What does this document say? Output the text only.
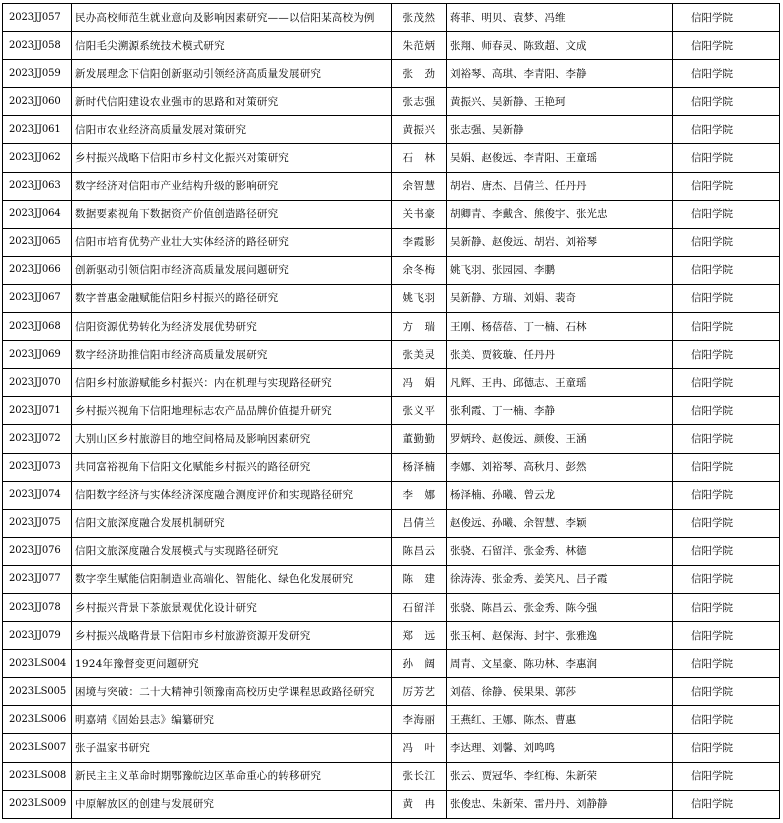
2023JJ057	民办高校师范生就业意向及影响因素研究——以信阳某高校为例	张茂然	蒋菲、明贝、袁梦、冯维	信阳学院
2023JJ058	信阳毛尖溯源系统技术模式研究	朱范炳	张翔、师春灵、陈致超、文成	信阳学院
2023JJ059	新发展理念下信阳创新驱动引领经济高质量发展研究	张　劲	刘裕琴、高琪、李青阳、李静	信阳学院
2023JJ060	新时代信阳建设农业强市的思路和对策研究	张志强	黄振兴、吴新静、王艳珂	信阳学院
2023JJ061	信阳市农业经济高质量发展对策研究	黄振兴	张志强、吴新静	信阳学院
2023JJ062	乡村振兴战略下信阳市乡村文化振兴对策研究	石　林	吴娟、赵俊远、李青阳、王童瑶	信阳学院
2023JJ063	数字经济对信阳市产业结构升级的影响研究	余智慧	胡岩、唐杰、吕倩兰、任丹丹	信阳学院
2023JJ064	数据要素视角下数据资产价值创造路径研究	关书豪	胡卿青、李戴含、熊俊宇、张光忠	信阳学院
2023JJ065	信阳市培育优势产业壮大实体经济的路径研究	李霞影	吴新静、赵俊远、胡岩、刘裕琴	信阳学院
2023JJ066	创新驱动引领信阳市经济高质量发展问题研究	余冬梅	姚飞羽、张园园、李鹏	信阳学院
2023JJ067	数字普惠金融赋能信阳乡村振兴的路径研究	姚飞羽	吴新静、方瑞、刘娟、裴奇	信阳学院
2023JJ068	信阳资源优势转化为经济发展优势研究	方　瑞	王刚、杨蓓蓓、丁一楠、石林	信阳学院
2023JJ069	数字经济助推信阳市经济高质量发展研究	张美灵	张美、贾筱璇、任丹丹	信阳学院
2023JJ070	信阳乡村旅游赋能乡村振兴：内在机理与实现路径研究	冯　娟	凡辉、王冉、邱德志、王童瑶	信阳学院
2023JJ071	乡村振兴视角下信阳地理标志农产品品牌价值提升研究	张义平	张利霞、丁一楠、李静	信阳学院
2023JJ072	大别山区乡村旅游目的地空间格局及影响因素研究	董勤勤	罗炳玲、赵俊远、颜俊、王涵	信阳学院
2023JJ073	共同富裕视角下信阳文化赋能乡村振兴的路径研究	杨泽楠	李娜、刘裕琴、高秋月、彭然	信阳学院
2023JJ074	信阳数字经济与实体经济深度融合测度评价和实现路径研究	李　娜	杨泽楠、孙曦、曾云龙	信阳学院
2023JJ075	信阳文旅深度融合发展机制研究	吕倩兰	赵俊远、孙曦、余智慧、李颖	信阳学院
2023JJ076	信阳文旅深度融合发展模式与实现路径研究	陈昌云	张骁、石留洋、张金秀、林德	信阳学院
2023JJ077	数字孪生赋能信阳制造业高端化、智能化、绿色化发展研究	陈　建	徐涛涛、张金秀、姜笑凡、吕子霞	信阳学院
2023JJ078	乡村振兴背景下茶旅景观优化设计研究	石留洋	张骁、陈昌云、张金秀、陈今强	信阳学院
2023JJ079	乡村振兴战略背景下信阳市乡村旅游资源开发研究	郑　远	张玉柯、赵保海、封宇、张雅逸	信阳学院
2023LS004	1924年豫督变更问题研究	孙　阔	周青、文星豪、陈功林、李惠润	信阳学院
2023LS005	困境与突破：二十大精神引领豫南高校历史学课程思政路径研究	厉芳艺	刘蓓、徐静、侯果果、郭莎	信阳学院
2023LS006	明嘉靖《固始县志》编纂研究	李海丽	王燕红、王娜、陈杰、曹惠	信阳学院
2023LS007	张子温家书研究	冯　叶	李达理、刘馨、刘鸣鸣	信阳学院
2023LS008	新民主主义革命时期鄂豫皖边区革命重心的转移研究	张长江	张云、贾冠华、李红梅、朱新荣	信阳学院
2023LS009	中原解放区的创建与发展研究	黄　冉	张俊忠、朱新荣、雷丹丹、刘静静	信阳学院
